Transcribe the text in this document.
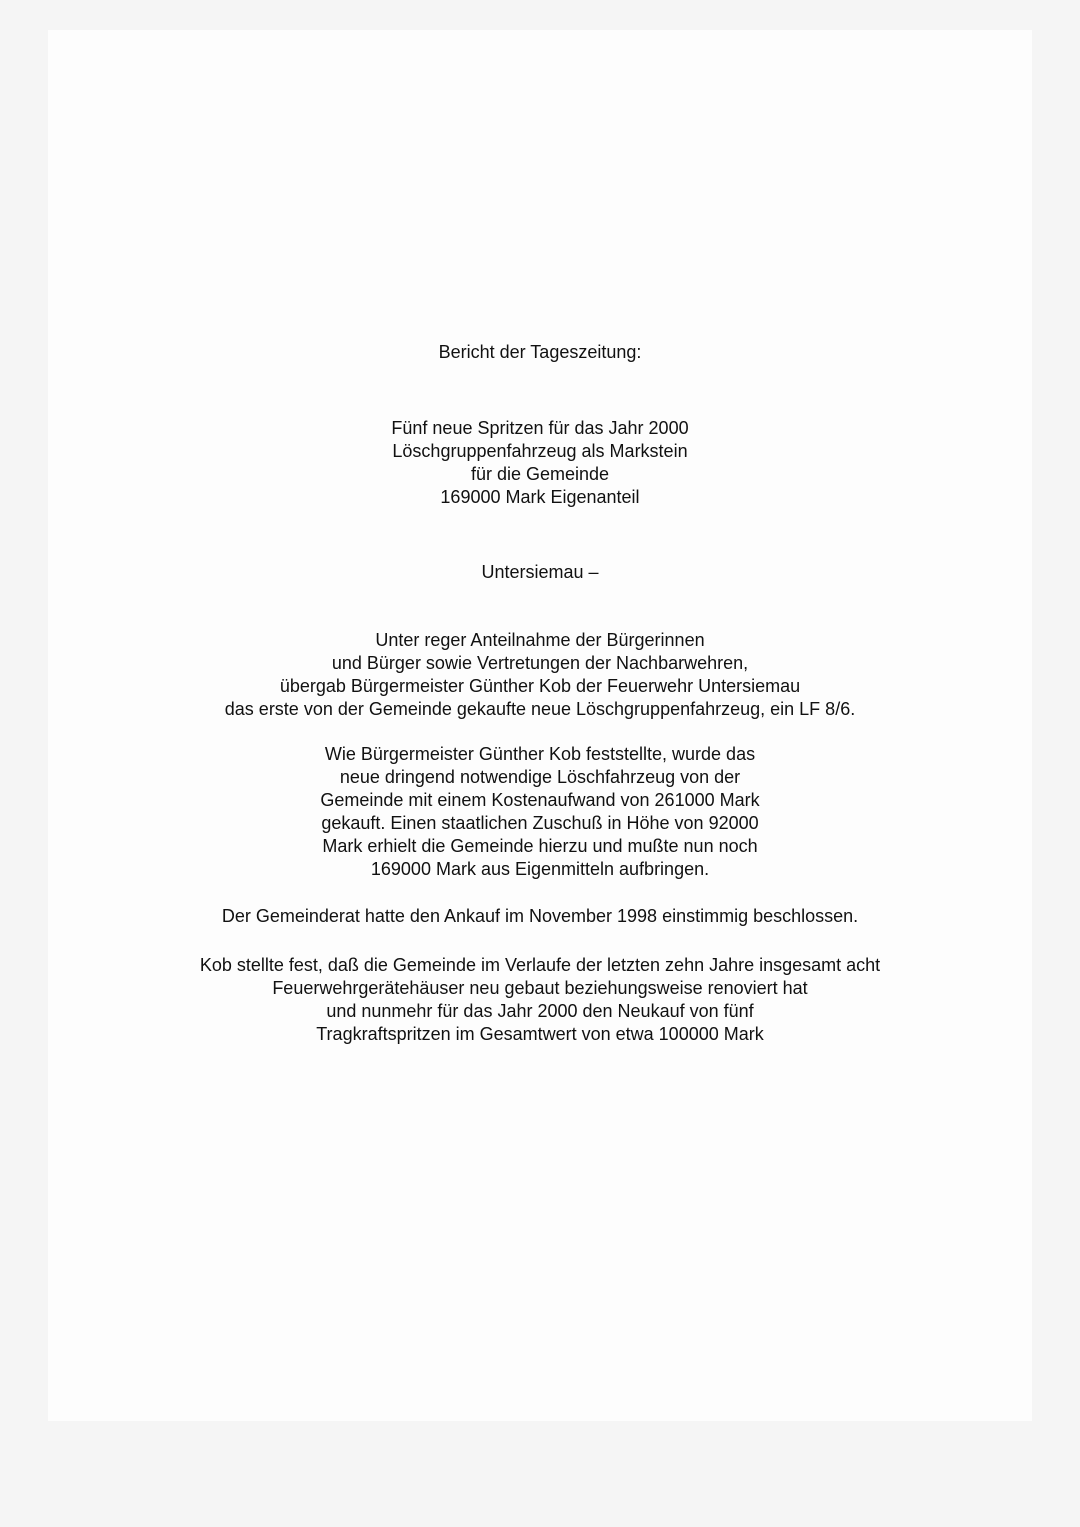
Bericht der Tageszeitung:

Fünf neue Spritzen für das Jahr 2000
Löschgruppenfahrzeug als Markstein
für die Gemeinde
169000 Mark Eigenanteil

Untersiemau –

Unter reger Anteilnahme der Bürgerinnen
und Bürger sowie Vertretungen der Nachbarwehren,
übergab Bürgermeister Günther Kob der Feuerwehr Untersiemau
das erste von der Gemeinde gekaufte neue Löschgruppenfahrzeug, ein LF 8/6.

Wie Bürgermeister Günther Kob feststellte, wurde das
neue dringend notwendige Löschfahrzeug von der
Gemeinde mit einem Kostenaufwand von 261000 Mark
gekauft. Einen staatlichen Zuschuß in Höhe von 92000
Mark erhielt die Gemeinde hierzu und mußte nun noch
169000 Mark aus Eigenmitteln aufbringen.

Der Gemeinderat hatte den Ankauf im November 1998 einstimmig beschlossen.

Kob stellte fest, daß die Gemeinde im Verlaufe der letzten zehn Jahre insgesamt acht
Feuerwehrgerätehäuser neu gebaut beziehungsweise renoviert hat
und nunmehr für das Jahr 2000 den Neukauf von fünf
Tragkraftspritzen im Gesamtwert von etwa 100000 Mark
